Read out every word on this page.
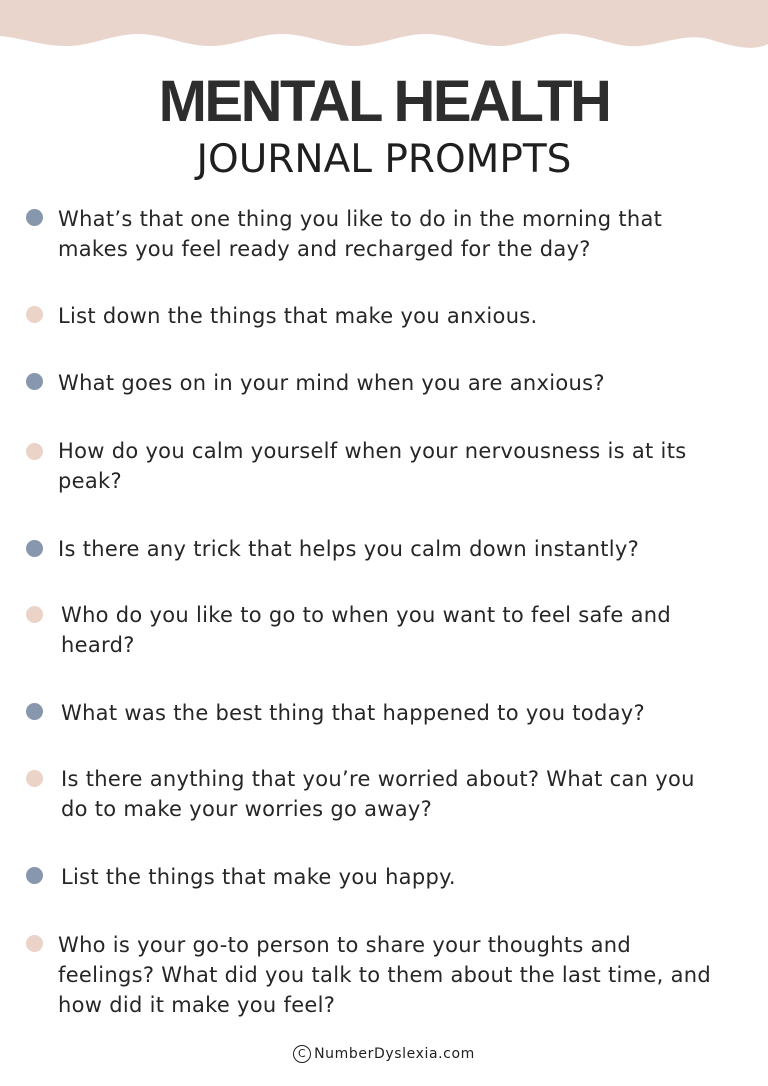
MENTAL HEALTH
JOURNAL PROMPTS

What’s that one thing you like to do in the morning that makes you feel ready and recharged for the day?

List down the things that make you anxious.

What goes on in your mind when you are anxious?

How do you calm yourself when your nervousness is at its peak?

Is there any trick that helps you calm down instantly?

Who do you like to go to when you want to feel safe and heard?

What was the best thing that happened to you today?

Is there anything that you’re worried about? What can you do to make your worries go away?

List the things that make you happy.

Who is your go-to person to share your thoughts and feelings? What did you talk to them about the last time, and how did it make you feel?

C NumberDyslexia.com
